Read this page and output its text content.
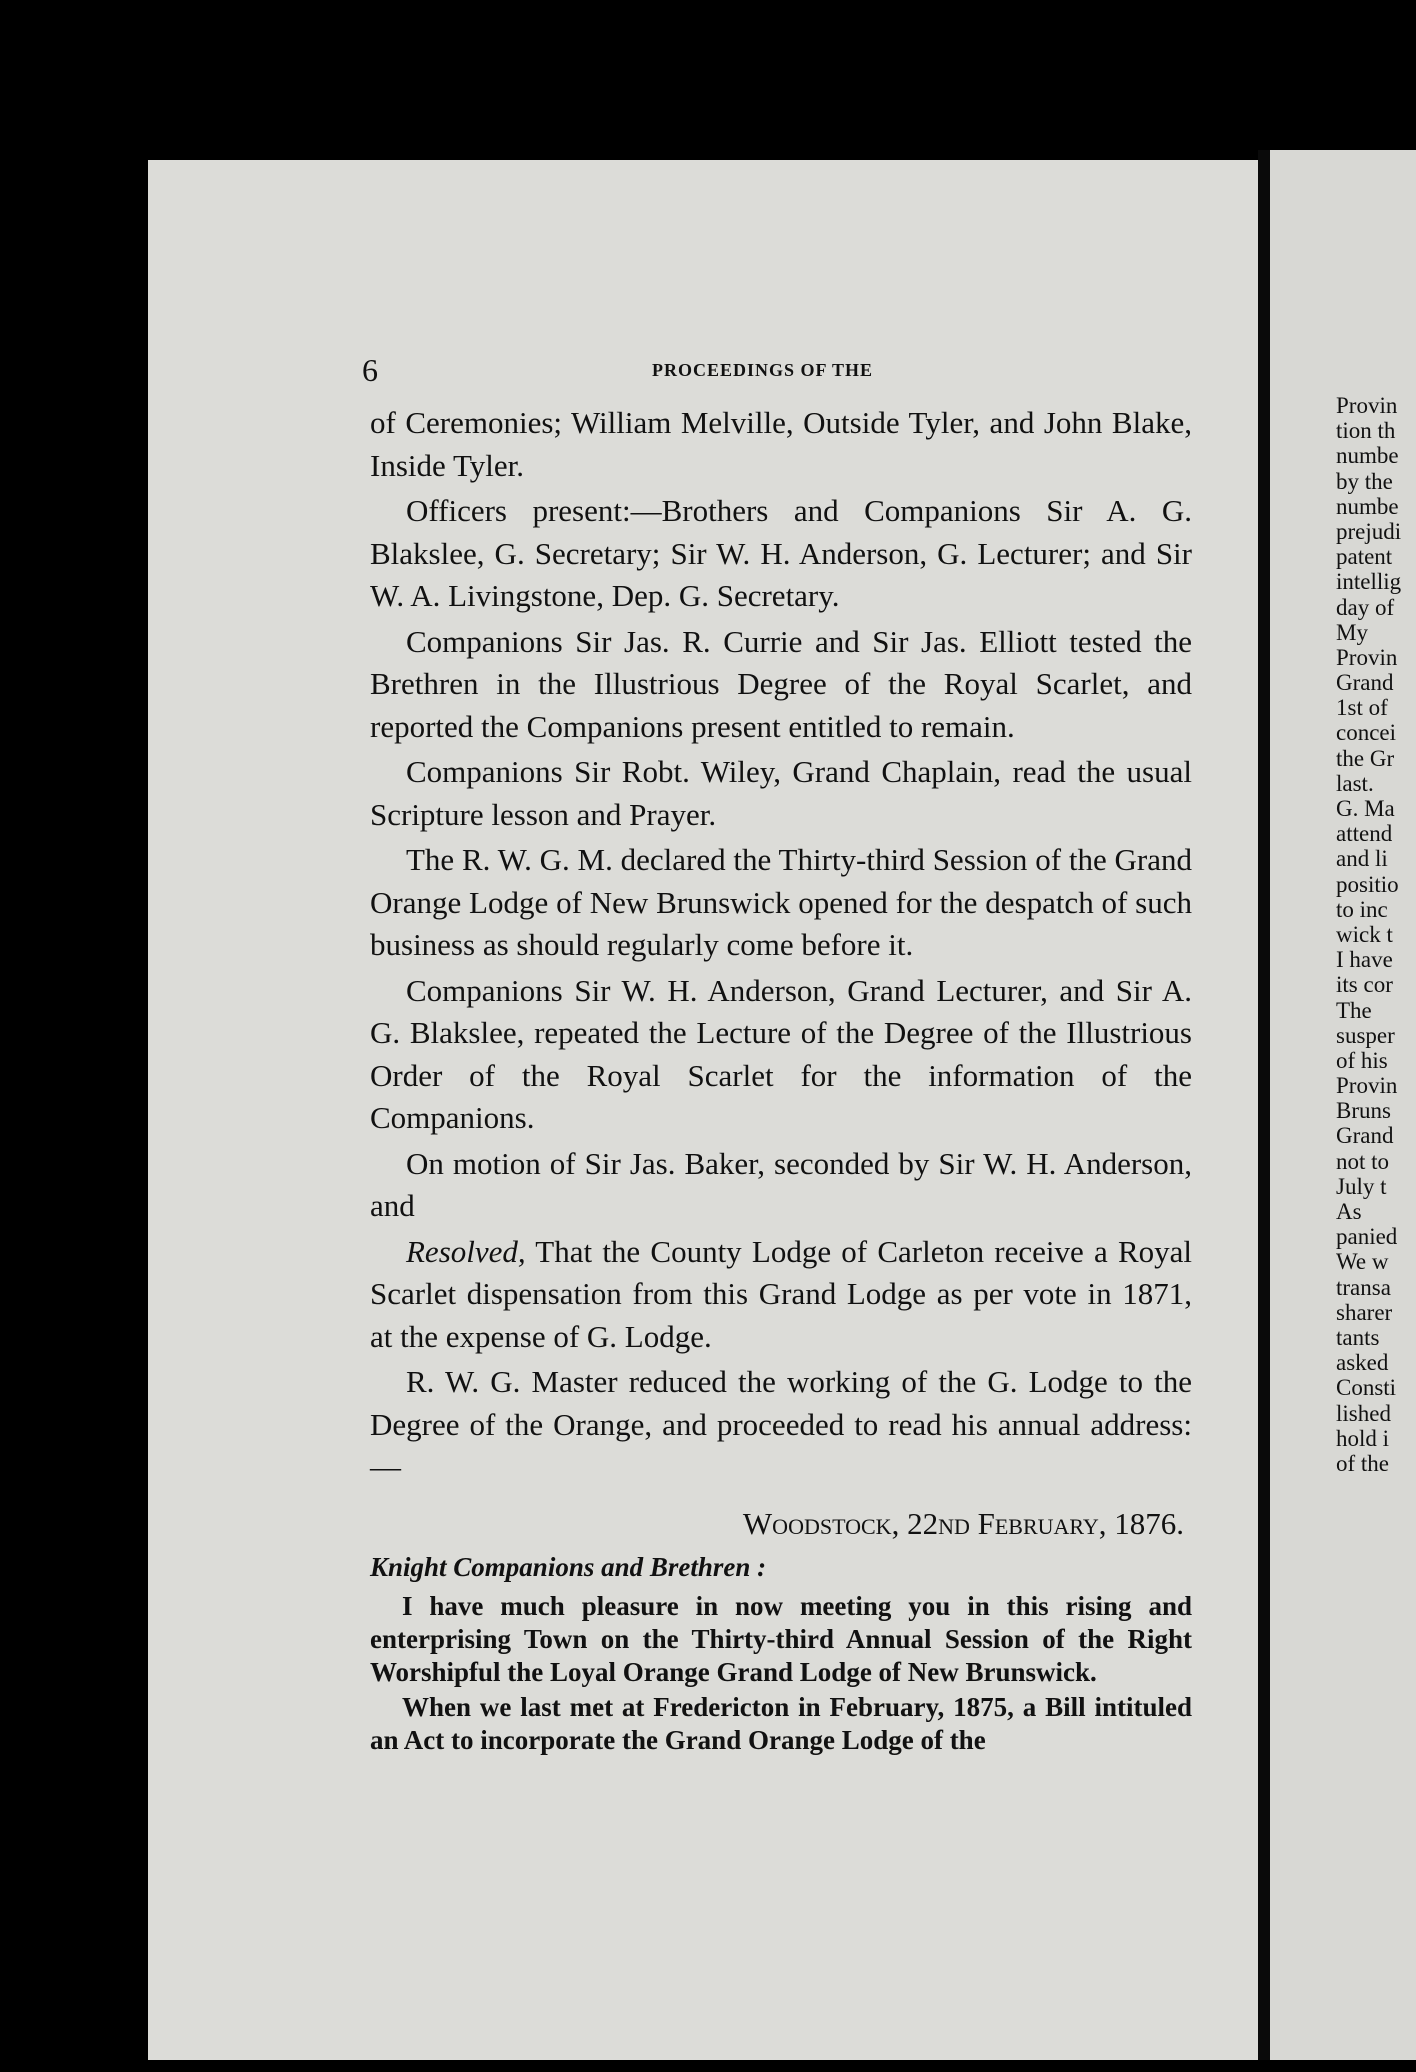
6	PROCEEDINGS OF THE

of Ceremonies; William Melville, Outside Tyler, and John Blake, Inside Tyler.

Officers present:—Brothers and Companions Sir A. G. Blakslee, G. Secretary; Sir W. H. Anderson, G. Lecturer; and Sir W. A. Livingstone, Dep. G. Secretary.

Companions Sir Jas. R. Currie and Sir Jas. Elliott tested the Brethren in the Illustrious Degree of the Royal Scarlet, and reported the Companions present entitled to remain.

Companions Sir Robt. Wiley, Grand Chaplain, read the usual Scripture lesson and Prayer.

The R. W. G. M. declared the Thirty-third Session of the Grand Orange Lodge of New Brunswick opened for the despatch of such business as should regularly come before it.

Companions Sir W. H. Anderson, Grand Lecturer, and Sir A. G. Blakslee, repeated the Lecture of the Degree of the Illustrious Order of the Royal Scarlet for the information of the Companions.

On motion of Sir Jas. Baker, seconded by Sir W. H. Anderson, and

Resolved, That the County Lodge of Carleton receive a Royal Scarlet dispensation from this Grand Lodge as per vote in 1871, at the expense of G. Lodge.

R. W. G. Master reduced the working of the G. Lodge to the Degree of the Orange, and proceeded to read his annual address:—

Woodstock, 22nd February, 1876.

Knight Companions and Brethren :

I have much pleasure in now meeting you in this rising and enterprising Town on the Thirty-third Annual Session of the Right Worshipful the Loyal Orange Grand Lodge of New Brunswick.

When we last met at Fredericton in February, 1875, a Bill intituled an Act to incorporate the Grand Orange Lodge of the

Provin
tion th
numbe
by the
numbe
prejudi
patent
intellig
day of
My
Provin
Grand
1st of
concei
the Gr
last.
G. Ma
attend
and li
positio
to inc
wick t
I have
its cor
The
susper
of his
Provin
Bruns
Grand
not to
July t
As
panied
We w
transa
sharer
tants
asked
Consti
lished
hold i
of the
